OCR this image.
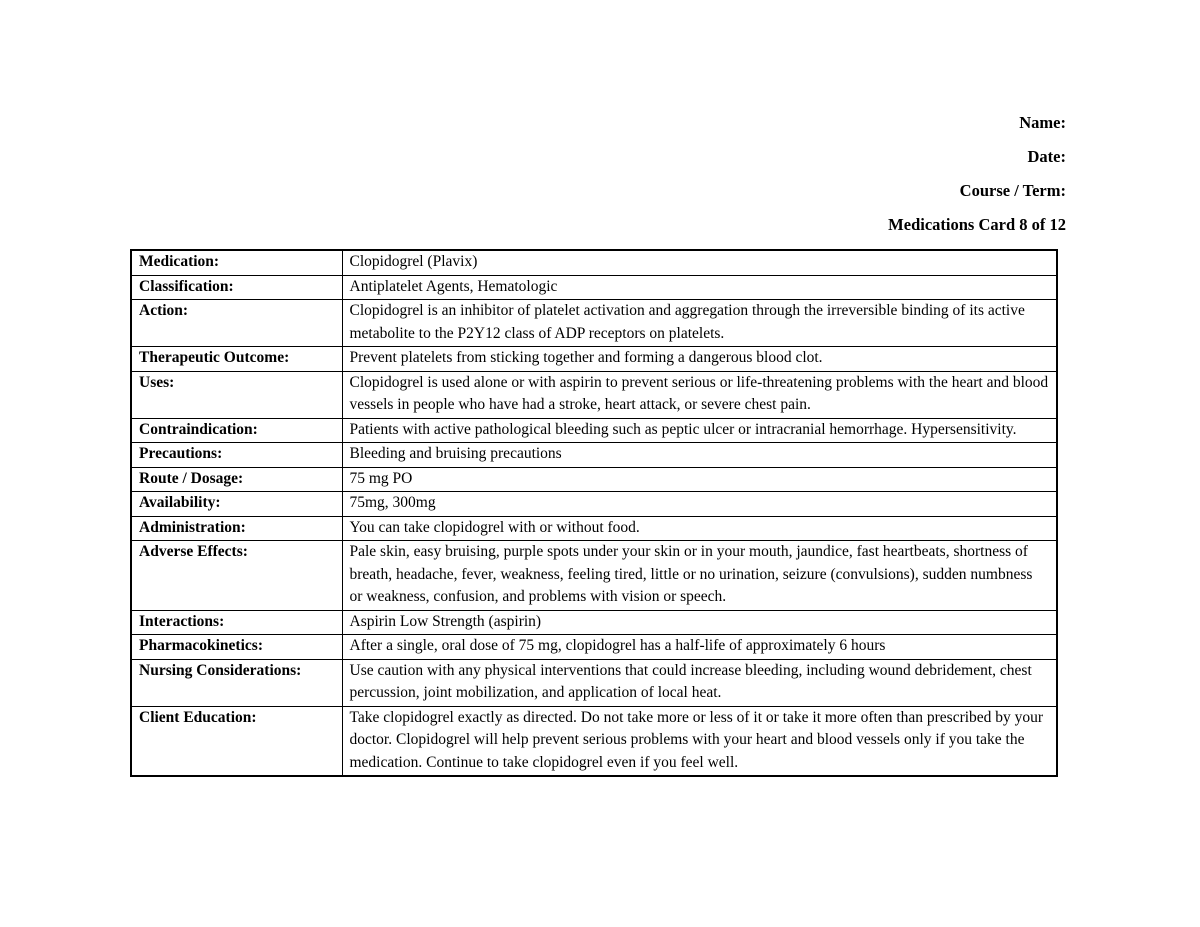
Name:
Date:
Course / Term:
Medications Card 8 of 12
Medication:	Clopidogrel (Plavix)
Classification:	Antiplatelet Agents, Hematologic
Action:	Clopidogrel is an inhibitor of platelet activation and aggregation through the irreversible binding of its active metabolite to the P2Y12 class of ADP receptors on platelets.
Therapeutic Outcome:	Prevent platelets from sticking together and forming a dangerous blood clot.
Uses:	Clopidogrel is used alone or with aspirin to prevent serious or life-threatening problems with the heart and blood vessels in people who have had a stroke, heart attack, or severe chest pain.
Contraindication:	Patients with active pathological bleeding such as peptic ulcer or intracranial hemorrhage. Hypersensitivity.
Precautions:	Bleeding and bruising precautions
Route / Dosage:	75 mg PO
Availability:	75mg, 300mg
Administration:	You can take clopidogrel with or without food.
Adverse Effects:	Pale skin, easy bruising, purple spots under your skin or in your mouth, jaundice, fast heartbeats, shortness of breath, headache, fever, weakness, feeling tired, little or no urination, seizure (convulsions), sudden numbness or weakness, confusion, and problems with vision or speech.
Interactions:	Aspirin Low Strength (aspirin)
Pharmacokinetics:	After a single, oral dose of 75 mg, clopidogrel has a half-life of approximately 6 hours
Nursing Considerations:	Use caution with any physical interventions that could increase bleeding, including wound debridement, chest percussion, joint mobilization, and application of local heat.
Client Education:	Take clopidogrel exactly as directed. Do not take more or less of it or take it more often than prescribed by your doctor. Clopidogrel will help prevent serious problems with your heart and blood vessels only if you take the medication. Continue to take clopidogrel even if you feel well.
